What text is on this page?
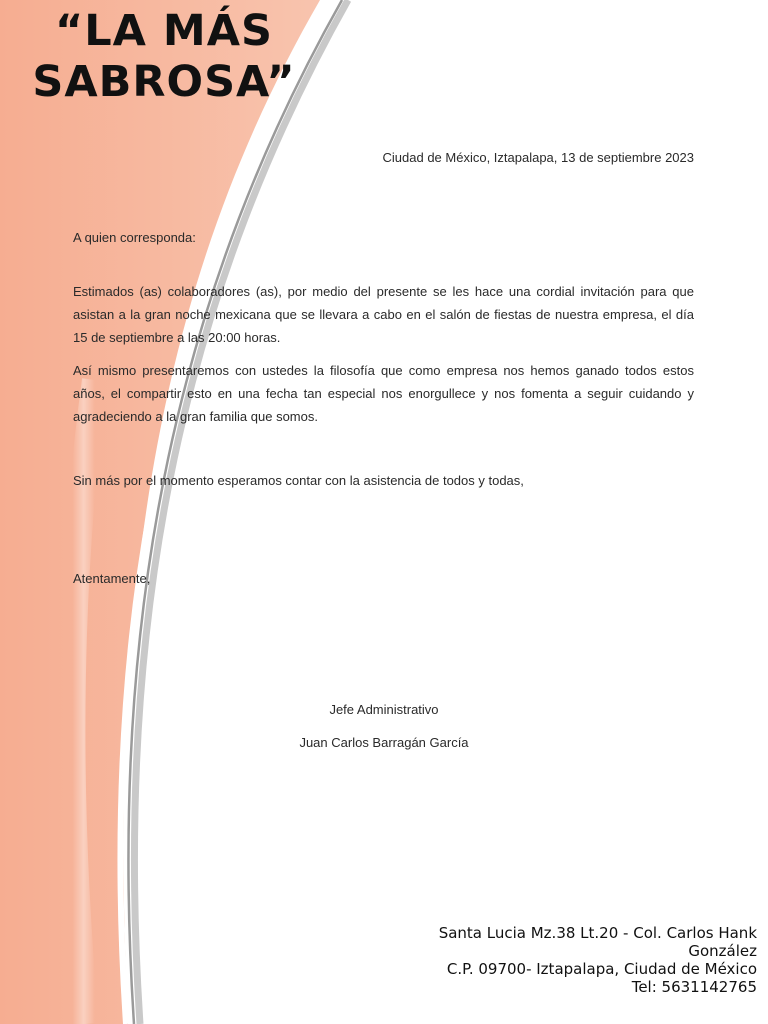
“LA MÁS SABROSA”
Ciudad de México, Iztapalapa, 13 de septiembre 2023
A quien corresponda:

Estimados (as) colaboradores (as), por medio del presente se les hace una cordial invitación para que asistan a la gran noche mexicana que se llevara a cabo en el salón de fiestas de nuestra empresa, el día 15 de septiembre a las 20:00 horas.

Así mismo presentaremos con ustedes la filosofía que como empresa nos hemos ganado todos estos años, el compartir esto en una fecha tan especial nos enorgullece y nos fomenta a seguir cuidando y agradeciendo a la gran familia que somos.

Sin más por el momento esperamos contar con la asistencia de todos y todas,
Atentamente,
Jefe Administrativo
Juan Carlos Barragán García
Santa Lucia Mz.38 Lt.20 - Col. Carlos Hank González
C.P. 09700- Iztapalapa, Ciudad de México
Tel: 5631142765
